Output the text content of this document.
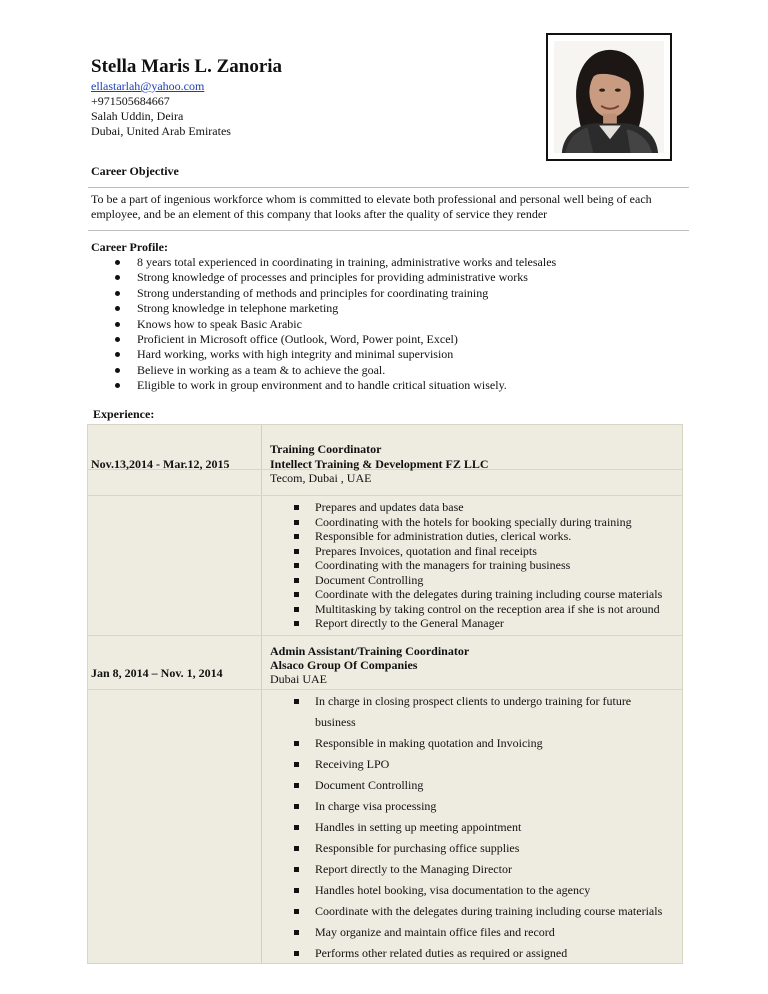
Stella Maris L. Zanoria
ellastarlah@yahoo.com
+971505684667
Salah Uddin, Deira
Dubai, United Arab Emirates
Career Objective
To be a part of ingenious workforce whom is committed to elevate both professional and personal well being of each employee, and be an element of this company that looks after the quality of service they render
Career Profile:
8 years total experienced in coordinating in training, administrative works and telesales
Strong knowledge of processes and principles for providing administrative works
Strong understanding of methods and principles for coordinating training
Strong knowledge in telephone marketing
Knows how to speak Basic Arabic
Proficient in Microsoft office (Outlook, Word, Power point, Excel)
Hard working, works with high integrity and minimal supervision
Believe in working as a team & to achieve the goal.
Eligible to work in group environment and to handle critical situation wisely.
Experience:
Nov.13,2014 - Mar.12, 2015
Training Coordinator
Intellect Training & Development FZ LLC
Tecom, Dubai , UAE
Prepares and updates data base
Coordinating with the hotels for booking specially during training
Responsible for administration duties, clerical works.
Prepares Invoices, quotation and final receipts
Coordinating with the managers for training business
Document Controlling
Coordinate with the delegates during training including course materials
Multitasking by taking control on the reception area if she is not around
Report directly to the General Manager
Jan 8, 2014 – Nov. 1, 2014
Admin Assistant/Training Coordinator
Alsaco Group Of Companies
Dubai UAE
In charge in closing prospect clients to undergo training for future
business
Responsible in making quotation and Invoicing
Receiving LPO
Document Controlling
In charge visa processing
Handles in setting up meeting appointment
Responsible for purchasing office supplies
Report directly to the Managing Director
Handles hotel booking, visa documentation to the agency
Coordinate with the delegates during training including course materials
May organize and maintain office files and record
Performs other related duties as required or assigned
